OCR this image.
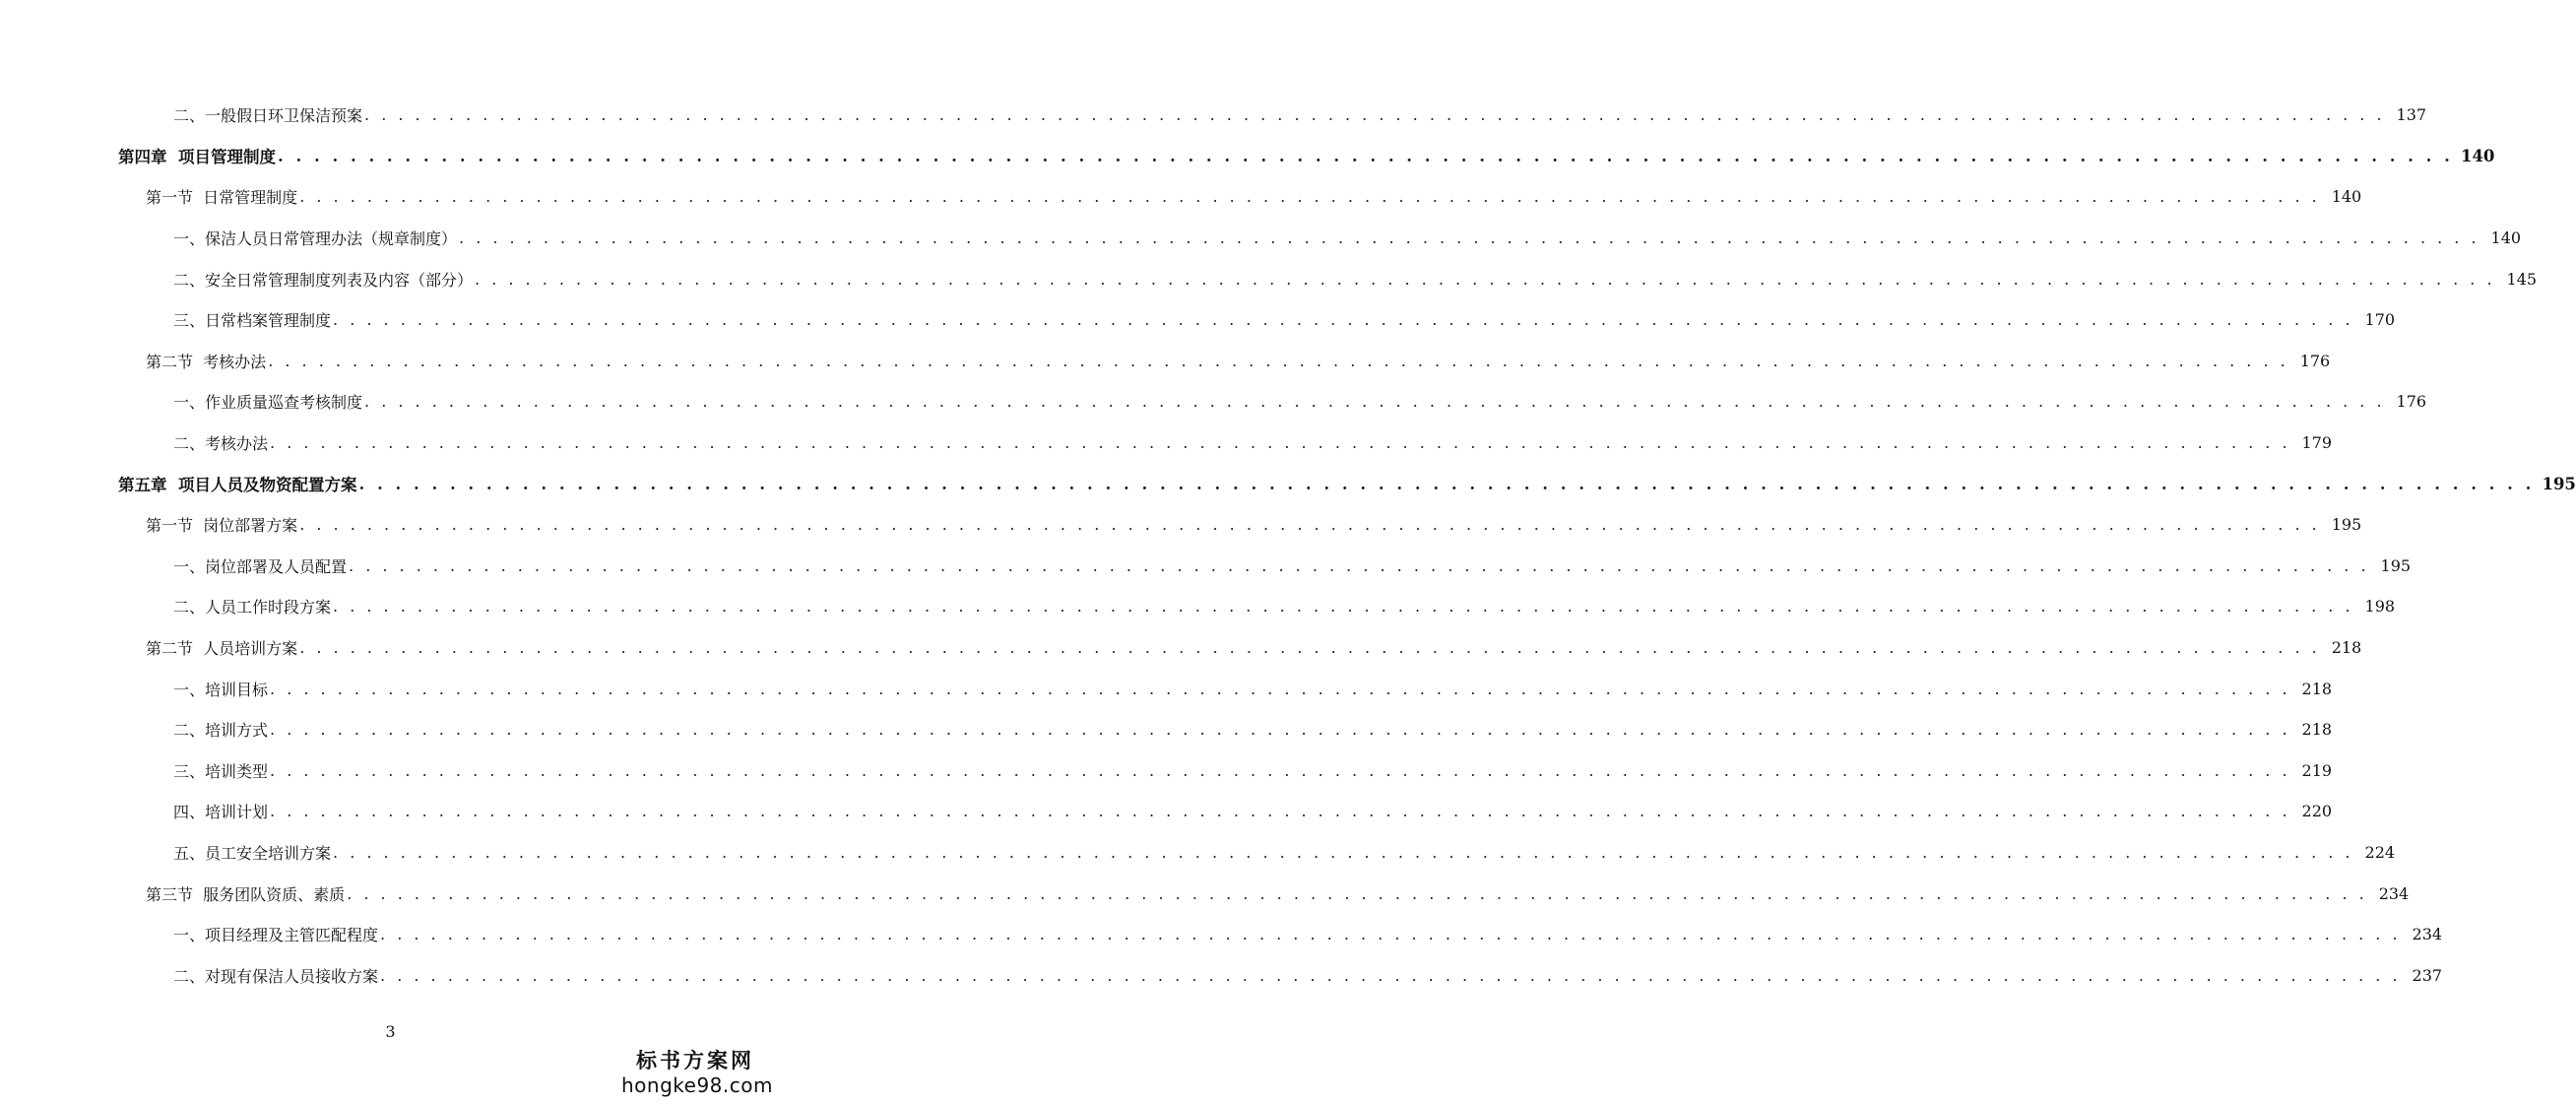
二、一般假日环卫保洁预案 . . . . . . . . . . . . . . . . . . . . . . . . . . . . . . . . . . . . . . . . . . . . . . . . . . . . . . . . . . . . . . . . . . . . . . . . . . . . . . . . . . . . . . . . . . . . . . . . . . . . . . . . . . . . . . . . . . . . . . . . 137
第四章  项目管理制度 . . . . . . . . . . . . . . . . . . . . . . . . . . . . . . . . . . . . . . . . . . . . . . . . . . . . . . . . . . . . . . . . . . . . . . . . . . . . . . . . . . . . . . . . . . . . . . . . . . . . . . . . . . . . . . . . . . . . . . . . 140
第一节  日常管理制度 . . . . . . . . . . . . . . . . . . . . . . . . . . . . . . . . . . . . . . . . . . . . . . . . . . . . . . . . . . . . . . . . . . . . . . . . . . . . . . . . . . . . . . . . . . . . . . . . . . . . . . . . . . . . . . . . . . . . . . . . 140
一、保洁人员日常管理办法（规章制度） . . . . . . . . . . . . . . . . . . . . . . . . . . . . . . . . . . . . . . . . . . . . . . . . . . . . . . . . . . . . . . . . . . . . . . . . . . . . . . . . . . . . . . . . . . . . . . . . . . . . . . . . . . . . . . . . . . . . . . . . 140
二、安全日常管理制度列表及内容（部分） . . . . . . . . . . . . . . . . . . . . . . . . . . . . . . . . . . . . . . . . . . . . . . . . . . . . . . . . . . . . . . . . . . . . . . . . . . . . . . . . . . . . . . . . . . . . . . . . . . . . . . . . . . . . . . . . . . . . . . . . 145
三、日常档案管理制度 . . . . . . . . . . . . . . . . . . . . . . . . . . . . . . . . . . . . . . . . . . . . . . . . . . . . . . . . . . . . . . . . . . . . . . . . . . . . . . . . . . . . . . . . . . . . . . . . . . . . . . . . . . . . . . . . . . . . . . . . 170
第二节  考核办法 . . . . . . . . . . . . . . . . . . . . . . . . . . . . . . . . . . . . . . . . . . . . . . . . . . . . . . . . . . . . . . . . . . . . . . . . . . . . . . . . . . . . . . . . . . . . . . . . . . . . . . . . . . . . . . . . . . . . . . . . 176
一、作业质量巡查考核制度 . . . . . . . . . . . . . . . . . . . . . . . . . . . . . . . . . . . . . . . . . . . . . . . . . . . . . . . . . . . . . . . . . . . . . . . . . . . . . . . . . . . . . . . . . . . . . . . . . . . . . . . . . . . . . . . . . . . . . . . . 176
二、考核办法 . . . . . . . . . . . . . . . . . . . . . . . . . . . . . . . . . . . . . . . . . . . . . . . . . . . . . . . . . . . . . . . . . . . . . . . . . . . . . . . . . . . . . . . . . . . . . . . . . . . . . . . . . . . . . . . . . . . . . . . . 179
第五章  项目人员及物资配置方案 . . . . . . . . . . . . . . . . . . . . . . . . . . . . . . . . . . . . . . . . . . . . . . . . . . . . . . . . . . . . . . . . . . . . . . . . . . . . . . . . . . . . . . . . . . . . . . . . . . . . . . . . . . . . . . . . . . . . . . . . 195
第一节  岗位部署方案 . . . . . . . . . . . . . . . . . . . . . . . . . . . . . . . . . . . . . . . . . . . . . . . . . . . . . . . . . . . . . . . . . . . . . . . . . . . . . . . . . . . . . . . . . . . . . . . . . . . . . . . . . . . . . . . . . . . . . . . . 195
一、岗位部署及人员配置 . . . . . . . . . . . . . . . . . . . . . . . . . . . . . . . . . . . . . . . . . . . . . . . . . . . . . . . . . . . . . . . . . . . . . . . . . . . . . . . . . . . . . . . . . . . . . . . . . . . . . . . . . . . . . . . . . . . . . . . . 195
二、人员工作时段方案 . . . . . . . . . . . . . . . . . . . . . . . . . . . . . . . . . . . . . . . . . . . . . . . . . . . . . . . . . . . . . . . . . . . . . . . . . . . . . . . . . . . . . . . . . . . . . . . . . . . . . . . . . . . . . . . . . . . . . . . . 198
第二节  人员培训方案 . . . . . . . . . . . . . . . . . . . . . . . . . . . . . . . . . . . . . . . . . . . . . . . . . . . . . . . . . . . . . . . . . . . . . . . . . . . . . . . . . . . . . . . . . . . . . . . . . . . . . . . . . . . . . . . . . . . . . . . . 218
一、培训目标 . . . . . . . . . . . . . . . . . . . . . . . . . . . . . . . . . . . . . . . . . . . . . . . . . . . . . . . . . . . . . . . . . . . . . . . . . . . . . . . . . . . . . . . . . . . . . . . . . . . . . . . . . . . . . . . . . . . . . . . . 218
二、培训方式 . . . . . . . . . . . . . . . . . . . . . . . . . . . . . . . . . . . . . . . . . . . . . . . . . . . . . . . . . . . . . . . . . . . . . . . . . . . . . . . . . . . . . . . . . . . . . . . . . . . . . . . . . . . . . . . . . . . . . . . . 218
三、培训类型 . . . . . . . . . . . . . . . . . . . . . . . . . . . . . . . . . . . . . . . . . . . . . . . . . . . . . . . . . . . . . . . . . . . . . . . . . . . . . . . . . . . . . . . . . . . . . . . . . . . . . . . . . . . . . . . . . . . . . . . . 219
四、培训计划 . . . . . . . . . . . . . . . . . . . . . . . . . . . . . . . . . . . . . . . . . . . . . . . . . . . . . . . . . . . . . . . . . . . . . . . . . . . . . . . . . . . . . . . . . . . . . . . . . . . . . . . . . . . . . . . . . . . . . . . . 220
五、员工安全培训方案 . . . . . . . . . . . . . . . . . . . . . . . . . . . . . . . . . . . . . . . . . . . . . . . . . . . . . . . . . . . . . . . . . . . . . . . . . . . . . . . . . . . . . . . . . . . . . . . . . . . . . . . . . . . . . . . . . . . . . . . . 224
第三节  服务团队资质、素质 . . . . . . . . . . . . . . . . . . . . . . . . . . . . . . . . . . . . . . . . . . . . . . . . . . . . . . . . . . . . . . . . . . . . . . . . . . . . . . . . . . . . . . . . . . . . . . . . . . . . . . . . . . . . . . . . . . . . . . . . 234
一、项目经理及主管匹配程度 . . . . . . . . . . . . . . . . . . . . . . . . . . . . . . . . . . . . . . . . . . . . . . . . . . . . . . . . . . . . . . . . . . . . . . . . . . . . . . . . . . . . . . . . . . . . . . . . . . . . . . . . . . . . . . . . . . . . . . . . 234
二、对现有保洁人员接收方案 . . . . . . . . . . . . . . . . . . . . . . . . . . . . . . . . . . . . . . . . . . . . . . . . . . . . . . . . . . . . . . . . . . . . . . . . . . . . . . . . . . . . . . . . . . . . . . . . . . . . . . . . . . . . . . . . . . . . . . . . 237
3
标书方案网
hongke98.com
